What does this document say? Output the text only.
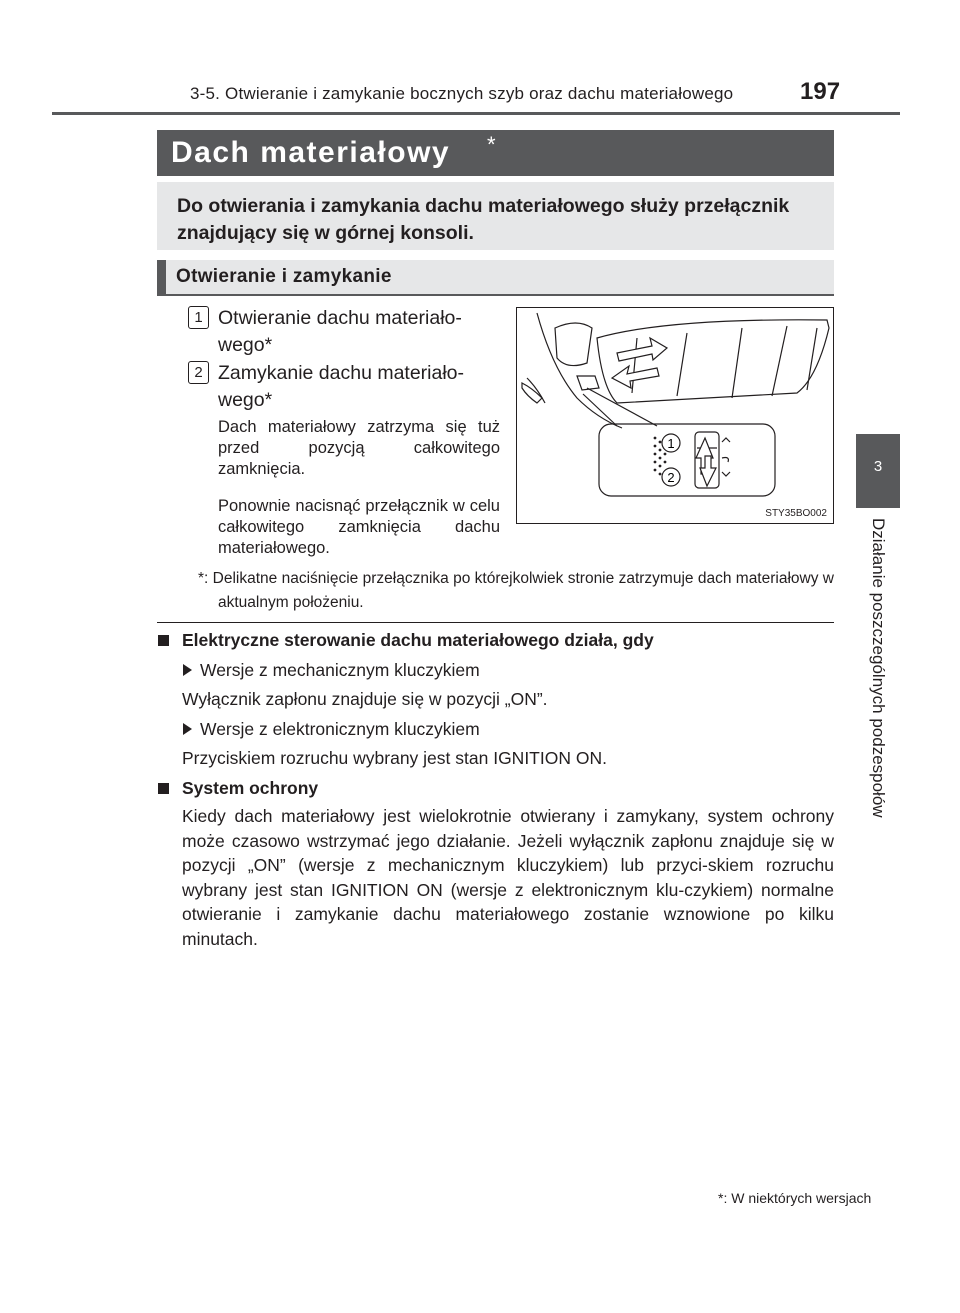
3-5. Otwieranie i zamykanie bocznych szyb oraz dachu materiałowego	197
3
Działanie poszczególnych podzespołów
Dach materiałowy *
Do otwierania i zamykania dachu materiałowego służy przełącznik znajdujący się w górnej konsoli.
Otwieranie i zamykanie
1 Otwieranie dachu materiało-
wego*
2 Zamykanie dachu materiało-
wego*
Dach materiałowy zatrzyma się tuż przed pozycją całkowitego zamknięcia.
Ponownie nacisnąć przełącznik w celu całkowitego zamknięcia dachu materiałowego.
1
2
STY35BO002
*: Delikatne naciśnięcie przełącznika po którejkolwiek stronie zatrzymuje dach materiałowy w aktualnym położeniu.
Elektryczne sterowanie dachu materiałowego działa, gdy
Wersje z mechanicznym kluczykiem
Wyłącznik zapłonu znajduje się w pozycji „ON”.
Wersje z elektronicznym kluczykiem
Przyciskiem rozruchu wybrany jest stan IGNITION ON.
System ochrony
Kiedy dach materiałowy jest wielokrotnie otwierany i zamykany, system ochrony może czasowo wstrzymać jego działanie. Jeżeli wyłącznik zapłonu znajduje się w pozycji „ON” (wersje z mechanicznym kluczykiem) lub przyci-skiem rozruchu wybrany jest stan IGNITION ON (wersje z elektronicznym klu-czykiem) normalne otwieranie i zamykanie dachu materiałowego zostanie wznowione po kilku minutach.
*: W niektórych wersjach
